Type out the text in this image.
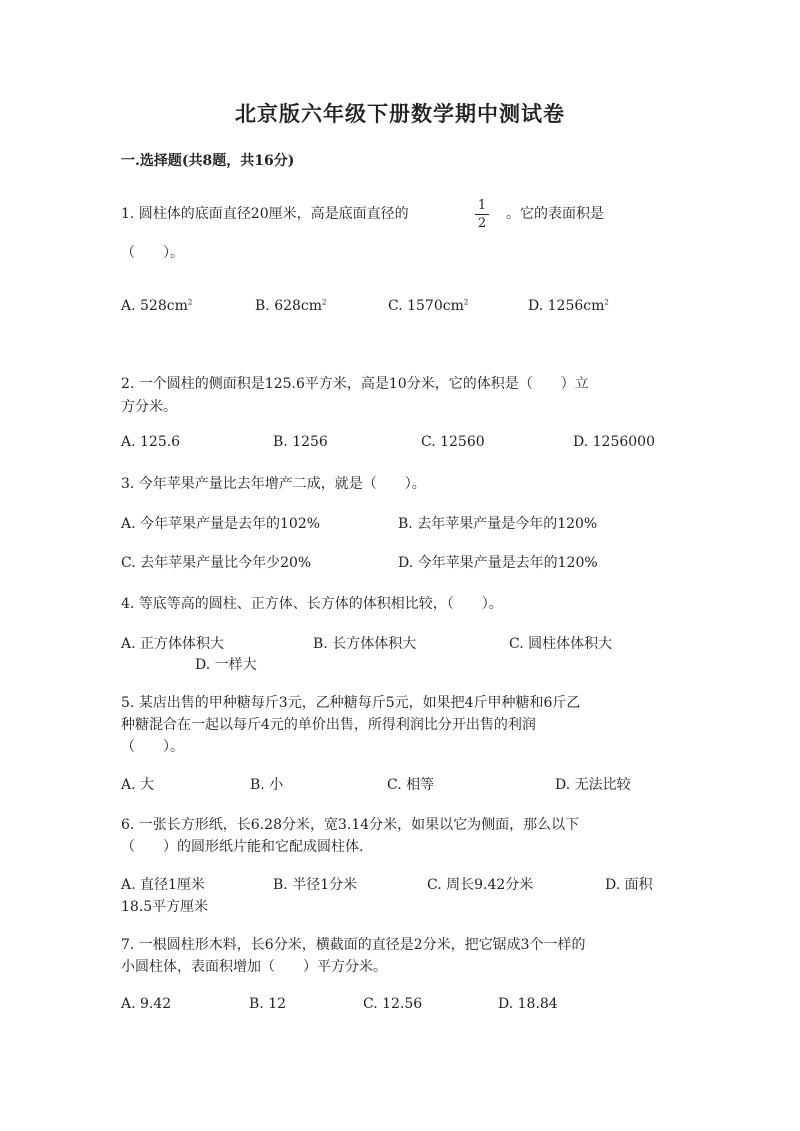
北京版六年级下册数学期中测试卷
一.选择题(共8题，共16分)
1. 圆柱体的底面直径20厘米，高是底面直径的
1
2
。它的表面积是
（　　）。
A. $528cm^2$	B. $628cm^2$	C. $1570cm^2$	D. $1256cm^2$
2. 一个圆柱的侧面积是125.6平方米，高是10分米，它的体积是（　　）立
方分米。
A. 125.6	B. 1256	C. 12560	D. 1256000
3. 今年苹果产量比去年增产二成，就是（　　）。
A. 今年苹果产量是去年的102%	B. 去年苹果产量是今年的120%
C. 去年苹果产量比今年少20%	D. 今年苹果产量是去年的120%
4. 等底等高的圆柱、正方体、长方体的体积相比较，（　　）。
A. 正方体体积大	B. 长方体体积大	C. 圆柱体体积大
D. 一样大
5. 某店出售的甲种糖每斤3元，乙种糖每斤5元，如果把4斤甲种糖和6斤乙
种糖混合在一起以每斤4元的单价出售，所得利润比分开出售的利润
（　　）。
A. 大	B. 小	C. 相等	D. 无法比较
6. 一张长方形纸，长6.28分米，宽3.14分米，如果以它为侧面，那么以下
（　　）的圆形纸片能和它配成圆柱体.
A. 直径1厘米	B. 半径1分米	C. 周长9.42分米	D. 面积
18.5平方厘米
7. 一根圆柱形木料，长6分米，横截面的直径是2分米，把它锯成3个一样的
小圆柱体，表面积增加（　　）平方分米。
A. 9.42	B. 12	C. 12.56	D. 18.84
